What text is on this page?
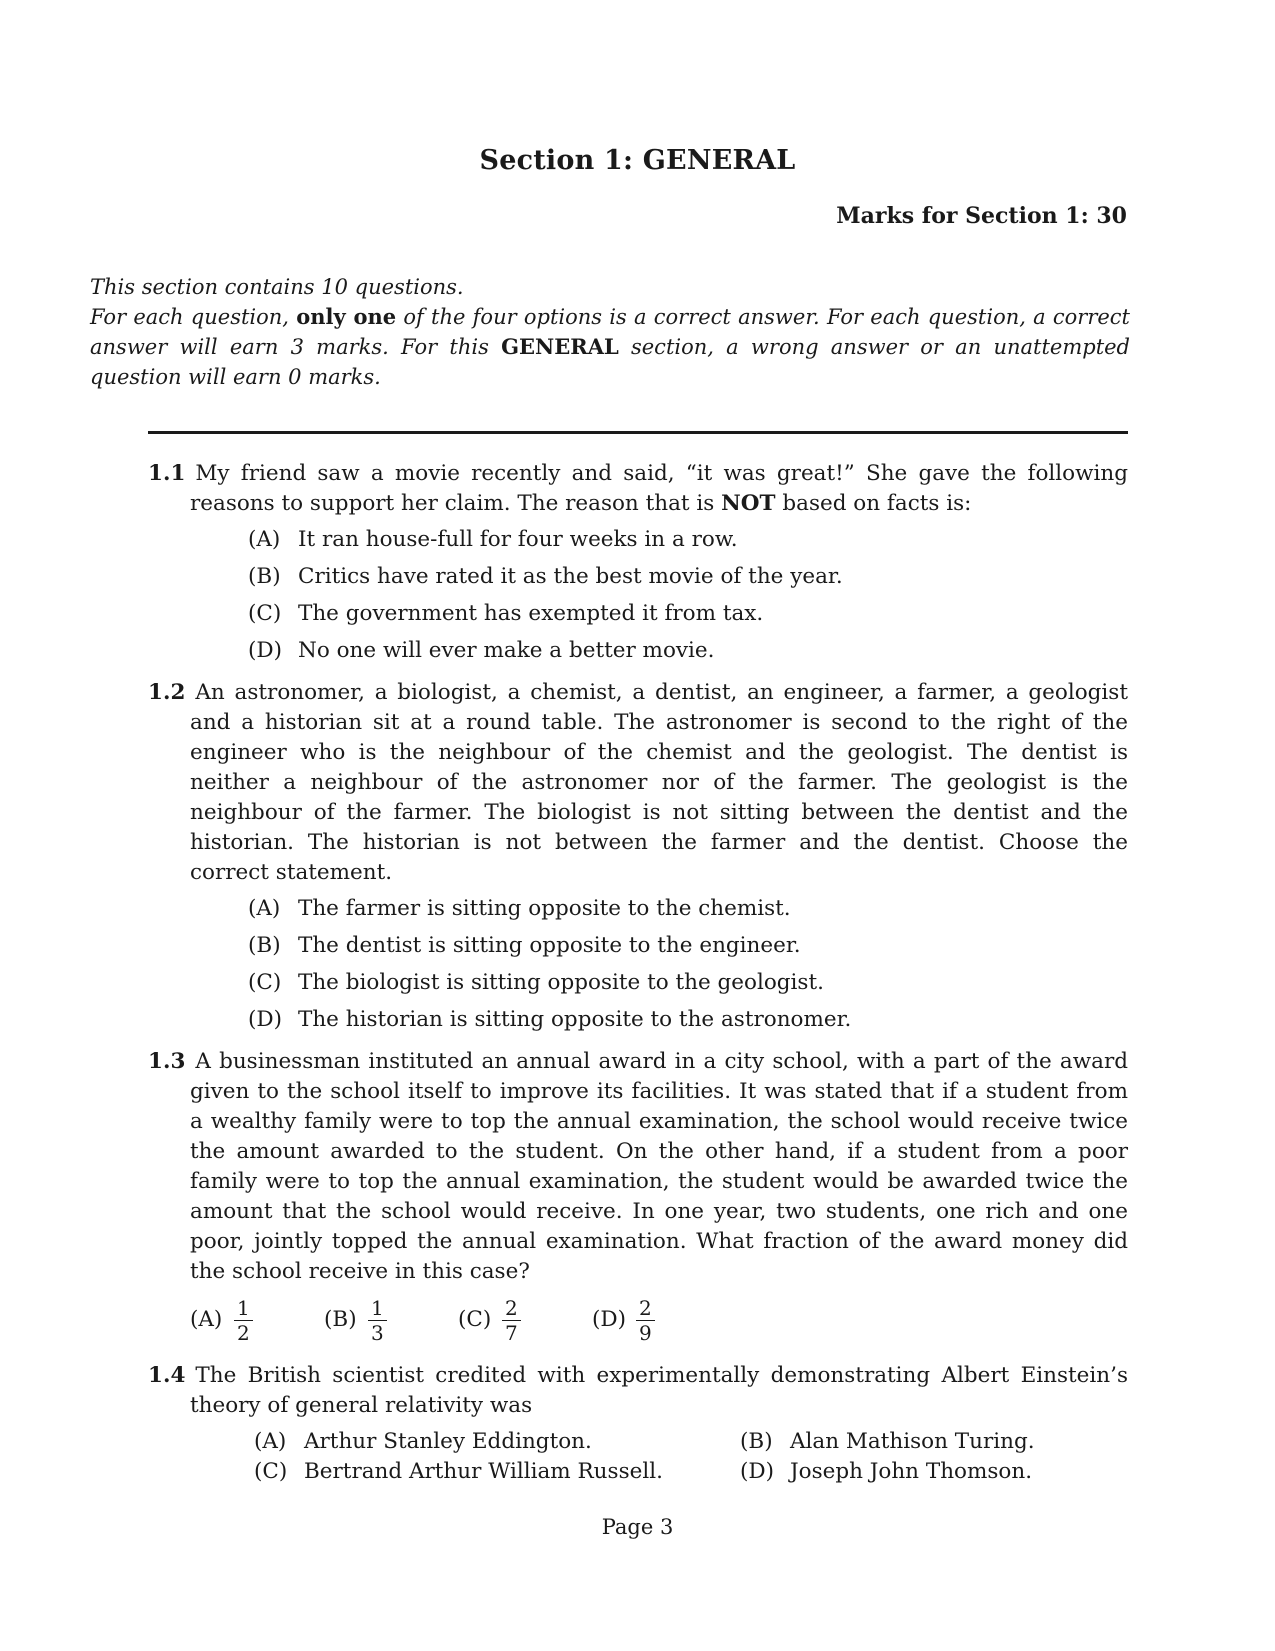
Section 1: GENERAL
Marks for Section 1: 30

This section contains 10 questions.

For each question, only one of the four options is a correct answer. For each question, a correct answer will earn 3 marks. For this GENERAL section, a wrong answer or an unattempted question will earn 0 marks.

1.1 My friend saw a movie recently and said, “it was great!” She gave the following reasons to support her claim. The reason that is NOT based on facts is:

(A) It ran house-full for four weeks in a row.
(B) Critics have rated it as the best movie of the year.
(C) The government has exempted it from tax.
(D) No one will ever make a better movie.

1.2 An astronomer, a biologist, a chemist, a dentist, an engineer, a farmer, a geologist and a historian sit at a round table. The astronomer is second to the right of the engineer who is the neighbour of the chemist and the geologist. The dentist is neither a neighbour of the astronomer nor of the farmer. The geologist is the neighbour of the farmer. The biologist is not sitting between the dentist and the historian. The historian is not between the farmer and the dentist. Choose the correct statement.

(A) The farmer is sitting opposite to the chemist.
(B) The dentist is sitting opposite to the engineer.
(C) The biologist is sitting opposite to the geologist.
(D) The historian is sitting opposite to the astronomer.

1.3 A businessman instituted an annual award in a city school, with a part of the award given to the school itself to improve its facilities. It was stated that if a student from a wealthy family were to top the annual examination, the school would receive twice the amount awarded to the student. On the other hand, if a student from a poor family were to top the annual examination, the student would be awarded twice the amount that the school would receive. In one year, two students, one rich and one poor, jointly topped the annual examination. What fraction of the award money did the school receive in this case?

$(A) \frac{1}{2}$	$(B) \frac{1}{3}$	$(C) \frac{2}{7}$	$(D) \frac{2}{9}$

1.4 The British scientist credited with experimentally demonstrating Albert Einstein’s theory of general relativity was

(A) Arthur Stanley Eddington.	(B) Alan Mathison Turing.
(C) Bertrand Arthur William Russell.	(D) Joseph John Thomson.
Page 3
